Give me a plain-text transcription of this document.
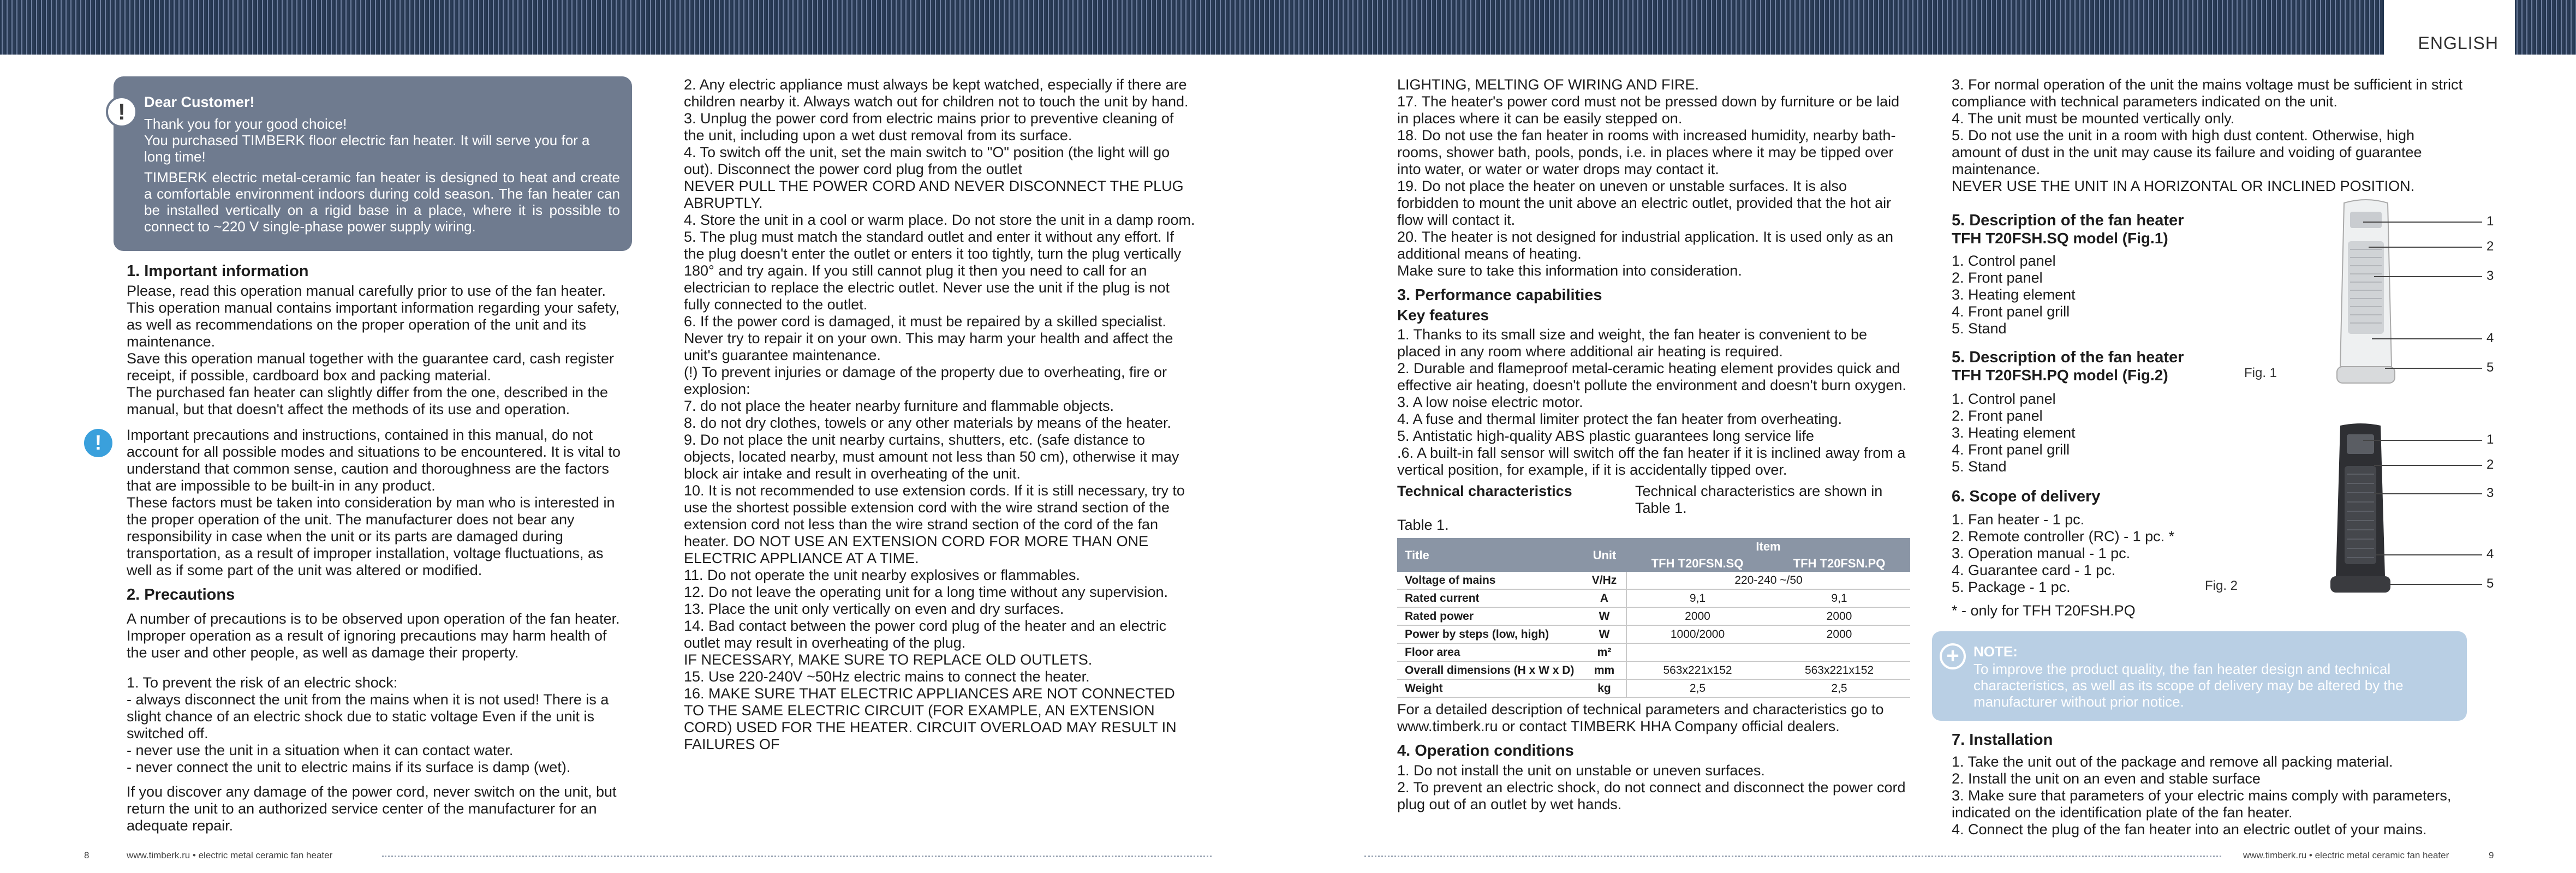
ENGLISH
!	Dear Customer!

Thank you for your good choice!

You purchased TIMBERK floor electric fan heater. It will serve you for a long time!

TIMBERK electric metal-ceramic fan heater is designed to heat and create a comfortable environment indoors during cold season. The fan heater can be installed vertically on a rigid base in a place, where it is possible to connect to ~220 V single-phase power supply wiring.

1. Important information

Please, read this operation manual carefully prior to use of the fan heater. This operation manual contains important information regarding your safety, as well as recommendations on the proper operation of the unit and its maintenance.

Save this operation manual together with the guarantee card, cash register receipt, if possible, cardboard box and packing material.

The purchased fan heater can slightly differ from the one, described in the manual, but that doesn't affect the methods of its use and operation.

!	Important precautions and instructions, contained in this manual, do not account for all possible modes and situations to be encountered. It is vital to understand that common sense, caution and thoroughness are the factors that are impossible to be built-in in any product.

These factors must be taken into consideration by man who is interested in the proper operation of the unit. The manufacturer does not bear any responsibility in case when the unit or its parts are damaged during transportation, as a result of improper installation, voltage fluctuations, as well as if some part of the unit was altered or modified.

2. Precautions

A number of precautions is to be observed upon operation of the fan heater. Improper operation as a result of ignoring precautions may harm health of the user and other people, as well as damage their property.

1. To prevent the risk of an electric shock:

- always disconnect the unit from the mains when it is not used! There is a slight chance of an electric shock due to static voltage Even if the unit is switched off.

- never use the unit in a situation when it can contact water.

- never connect the unit to electric mains if its surface is damp (wet).

If you discover any damage of the power cord, never switch on the unit, but return the unit to an authorized service center of the manufacturer for an adequate repair.

2. Any electric appliance must always be kept watched, especially if there are children nearby it. Always watch out for children not to touch the unit by hand.

3. Unplug the power cord from electric mains prior to preventive cleaning of the unit, including upon a wet dust removal from its surface.

4. To switch off the unit, set the main switch to "O" position (the light will go out). Disconnect the power cord plug from the outlet

NEVER PULL THE POWER CORD AND NEVER DISCONNECT THE PLUG ABRUPTLY.

4. Store the unit in a cool or warm place. Do not store the unit in a damp room.

5. The plug must match the standard outlet and enter it without any effort. If the plug doesn't enter the outlet or enters it too tightly, turn the plug vertically 180° and try again. If you still cannot plug it then you need to call for an electrician to replace the electric outlet. Never use the unit if the plug is not fully connected to the outlet.

6. If the power cord is damaged, it must be repaired by a skilled specialist. Never try to repair it on your own. This may harm your health and affect the unit's guarantee maintenance.

(!) To prevent injuries or damage of the property due to overheating, fire or explosion:

7. do not place the heater nearby furniture and flammable objects.

8. do not dry clothes, towels or any other materials by means of the heater.

9. Do not place the unit nearby curtains, shutters, etc. (safe distance to objects, located nearby, must amount not less than 50 cm), otherwise it may block air intake and result in overheating of the unit.

10. It is not recommended to use extension cords. If it is still necessary, try to use the shortest possible extension cord with the wire strand section of the extension cord not less than the wire strand section of the cord of the fan heater. DO NOT USE AN EXTENSION CORD FOR MORE THAN ONE ELECTRIC APPLIANCE AT A TIME.

11. Do not operate the unit nearby explosives or flammables.

12. Do not leave the operating unit for a long time without any supervision.

13. Place the unit only vertically on even and dry surfaces.

14. Bad contact between the power cord plug of the heater and an electric outlet may result in overheating of the plug.

IF NECESSARY, MAKE SURE TO REPLACE OLD OUTLETS.

15. Use 220-240V ~50Hz electric mains to connect the heater.

16. MAKE SURE THAT ELECTRIC APPLIANCES ARE NOT CONNECTED TO THE SAME ELECTRIC CIRCUIT (FOR EXAMPLE, AN EXTENSION CORD) USED FOR THE HEATER. CIRCUIT OVERLOAD MAY RESULT IN FAILURES OF

LIGHTING, MELTING OF WIRING AND FIRE.

17. The heater's power cord must not be pressed down by furniture or be laid in places where it can be easily stepped on.

18. Do not use the fan heater in rooms with increased humidity, nearby bath-rooms, shower bath, pools, ponds, i.e. in places where it may be tipped over into water, or water or water drops may contact it.

19. Do not place the heater on uneven or unstable surfaces. It is also forbidden to mount the unit above an electric outlet, provided that the hot air flow will contact it.

20. The heater is not designed for industrial application. It is used only as an additional means of heating.

Make sure to take this information into consideration.

3. Performance capabilities
Key features

1. Thanks to its small size and weight, the fan heater is convenient to be placed in any room where additional air heating is required.

2. Durable and flameproof metal-ceramic heating element provides quick and effective air heating, doesn't pollute the environment and doesn't burn oxygen.

3. A low noise electric motor.

4. A fuse and thermal limiter protect the fan heater from overheating.

5. Antistatic high-quality ABS plastic guarantees long service life

.6. A built-in fall sensor will switch off the fan heater if it is inclined away from a vertical position, for example, if it is accidentally tipped over.

Technical characteristics	Technical characteristics are shown in Table 1.

Table 1.

Title	Unit	Item	
		TFH T20FSN.SQ	TFH T20FSN.PQ
Voltage of mains	V/Hz	220-240 ~/50	
Rated current	A	9,1	9,1
Rated power	W	2000	2000
Power by steps (low, high)	W	1000/2000	2000
Floor area	m²		
Overall dimensions (H x W x D)	mm	563x221x152	563x221x152
Weight	kg	2,5	2,5

For a detailed description of technical parameters and characteristics go to www.timberk.ru or contact TIMBERK HHA Company official dealers.

4. Operation conditions

1. Do not install the unit on unstable or uneven surfaces.

2. To prevent an electric shock, do not connect and disconnect the power cord plug out of an outlet by wet hands.

3. For normal operation of the unit the mains voltage must be sufficient in strict compliance with technical parameters indicated on the unit.

4. The unit must be mounted vertically only.

5. Do not use the unit in a room with high dust content. Otherwise, high amount of dust in the unit may cause its failure and voiding of guarantee maintenance.

NEVER USE THE UNIT IN A HORIZONTAL OR INCLINED POSITION.

5. Description of the fan heater
TFH T20FSH.SQ model (Fig.1)

1. Control panel

2. Front panel

3. Heating element

4. Front panel grill

5. Stand

5. Description of the fan heater
TFH T20FSH.PQ model (Fig.2)

1. Control panel

2. Front panel

3. Heating element

4. Front panel grill

5. Stand

6. Scope of delivery

1. Fan heater - 1 pc.

2. Remote controller (RC) - 1 pc. *

3. Operation manual - 1 pc.

4. Guarantee card - 1 pc.

5. Package - 1 pc.

* - only for TFH T20FSH.PQ

+	NOTE:

To improve the product quality, the fan heater design and technical characteristics, as well as its scope of delivery may be altered by the manufacturer without prior notice.

7. Installation

1. Take the unit out of the package and remove all packing material.

2. Install the unit on an even and stable surface

3. Make sure that parameters of your electric mains comply with parameters, indicated on the identification plate of the fan heater.

4. Connect the plug of the fan heater into an electric outlet of your mains.

1
2
3
4
5
Fig. 1
1
2
3
4
5
Fig. 2
8	www.timberk.ru • electric metal ceramic fan heater	www.timberk.ru • electric metal ceramic fan heater	9
